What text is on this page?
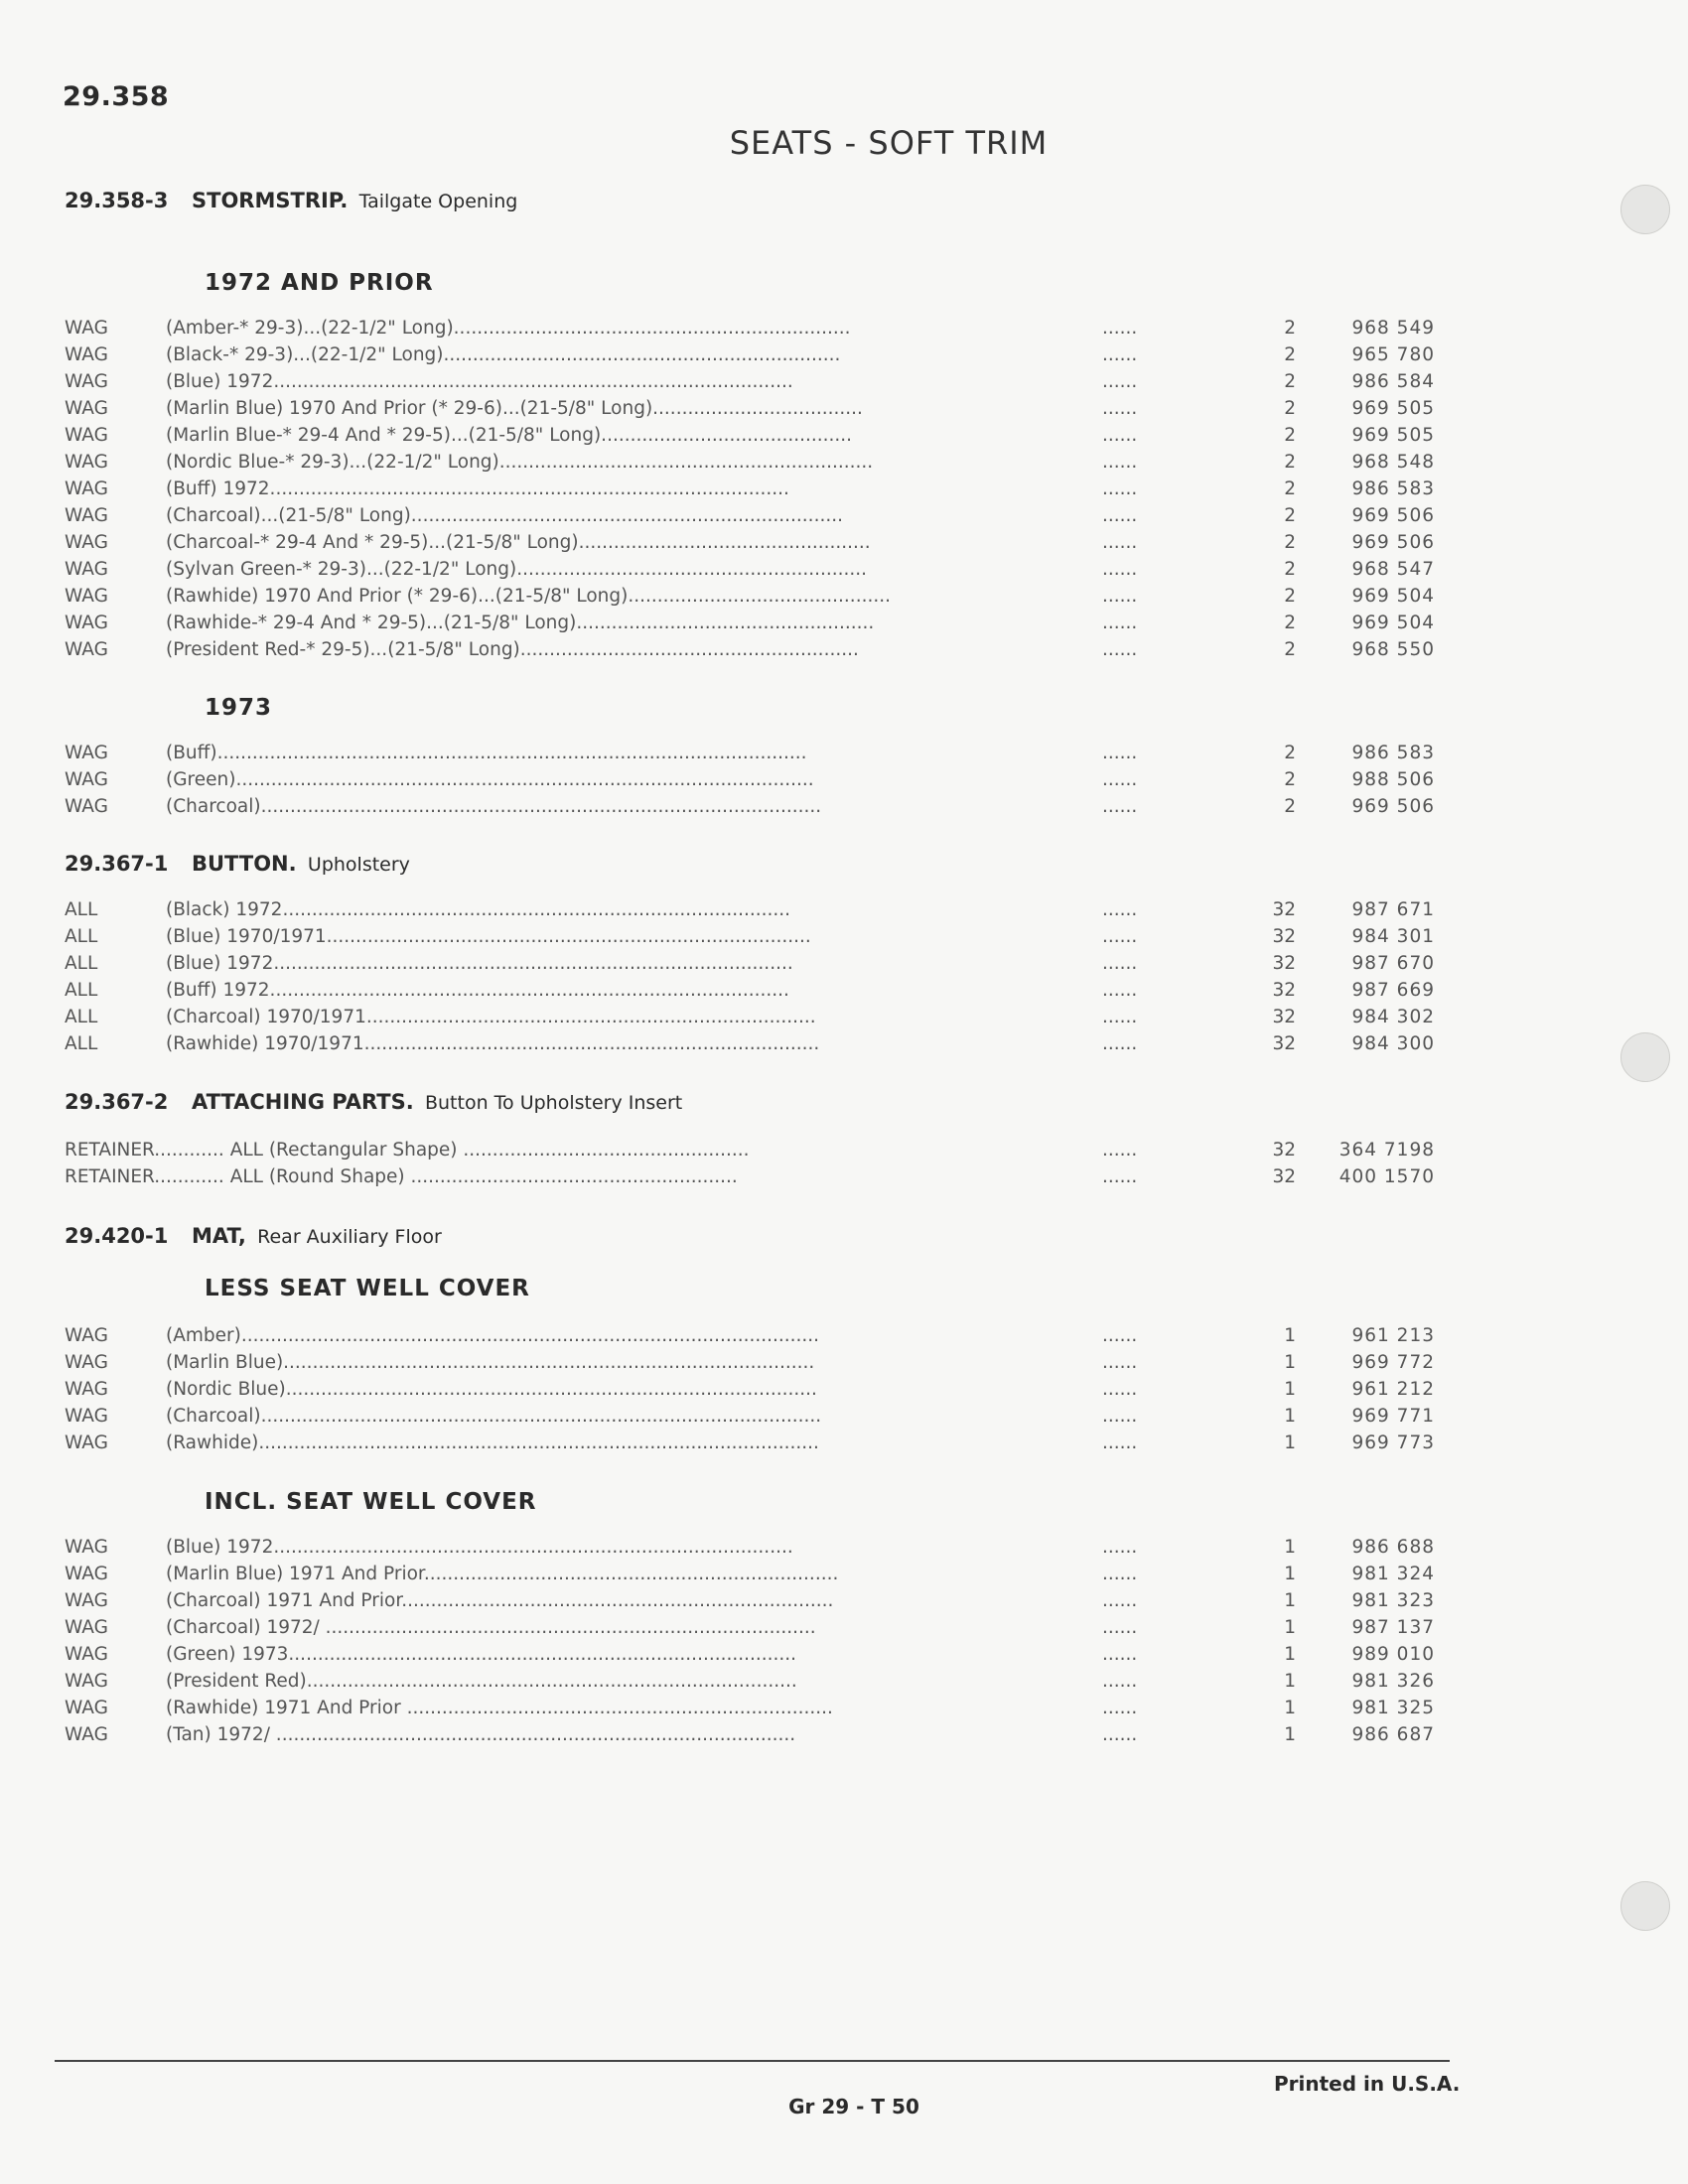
29.358
SEATS - SOFT TRIM
29.358-3 STORMSTRIP. Tailgate Opening
1972 AND PRIOR
WAG	(Amber-* 29-3)...(22-1/2" Long)....................................................................	......	2	968 549
WAG	(Black-* 29-3)...(22-1/2" Long)....................................................................	......	2	965 780
WAG	(Blue) 1972.........................................................................................	......	2	986 584
WAG	(Marlin Blue) 1970 And Prior (* 29-6)...(21-5/8" Long)....................................	......	2	969 505
WAG	(Marlin Blue-* 29-4 And * 29-5)...(21-5/8" Long)...........................................	......	2	969 505
WAG	(Nordic Blue-* 29-3)...(22-1/2" Long)................................................................	......	2	968 548
WAG	(Buff) 1972.........................................................................................	......	2	986 583
WAG	(Charcoal)...(21-5/8" Long)..........................................................................	......	2	969 506
WAG	(Charcoal-* 29-4 And * 29-5)...(21-5/8" Long)..................................................	......	2	969 506
WAG	(Sylvan Green-* 29-3)...(22-1/2" Long)............................................................	......	2	968 547
WAG	(Rawhide) 1970 And Prior (* 29-6)...(21-5/8" Long).............................................	......	2	969 504
WAG	(Rawhide-* 29-4 And * 29-5)...(21-5/8" Long)...................................................	......	2	969 504
WAG	(President Red-* 29-5)...(21-5/8" Long)..........................................................	......	2	968 550
1973
WAG	(Buff).....................................................................................................	......	2	986 583
WAG	(Green)...................................................................................................	......	2	988 506
WAG	(Charcoal)................................................................................................	......	2	969 506
29.367-1 BUTTON. Upholstery
ALL	(Black) 1972.......................................................................................	......	32	987 671
ALL	(Blue) 1970/1971...................................................................................	......	32	984 301
ALL	(Blue) 1972.........................................................................................	......	32	987 670
ALL	(Buff) 1972.........................................................................................	......	32	987 669
ALL	(Charcoal) 1970/1971.............................................................................	......	32	984 302
ALL	(Rawhide) 1970/1971..............................................................................	......	32	984 300
29.367-2 ATTACHING PARTS. Button To Upholstery Insert
RETAINER............ ALL (Rectangular Shape) .................................................	......	32	364 7198
RETAINER............ ALL (Round Shape) ........................................................	......	32	400 1570
29.420-1 MAT, Rear Auxiliary Floor
LESS SEAT WELL COVER
WAG	(Amber)...................................................................................................	......	1	961 213
WAG	(Marlin Blue)...........................................................................................	......	1	969 772
WAG	(Nordic Blue)...........................................................................................	......	1	961 212
WAG	(Charcoal)................................................................................................	......	1	969 771
WAG	(Rawhide)................................................................................................	......	1	969 773
INCL. SEAT WELL COVER
WAG	(Blue) 1972.........................................................................................	......	1	986 688
WAG	(Marlin Blue) 1971 And Prior.......................................................................	......	1	981 324
WAG	(Charcoal) 1971 And Prior..........................................................................	......	1	981 323
WAG	(Charcoal) 1972/ ....................................................................................	......	1	987 137
WAG	(Green) 1973.......................................................................................	......	1	989 010
WAG	(President Red)....................................................................................	......	1	981 326
WAG	(Rawhide) 1971 And Prior .........................................................................	......	1	981 325
WAG	(Tan) 1972/ .........................................................................................	......	1	986 687
Printed in U.S.A.
Gr 29 - T 50
